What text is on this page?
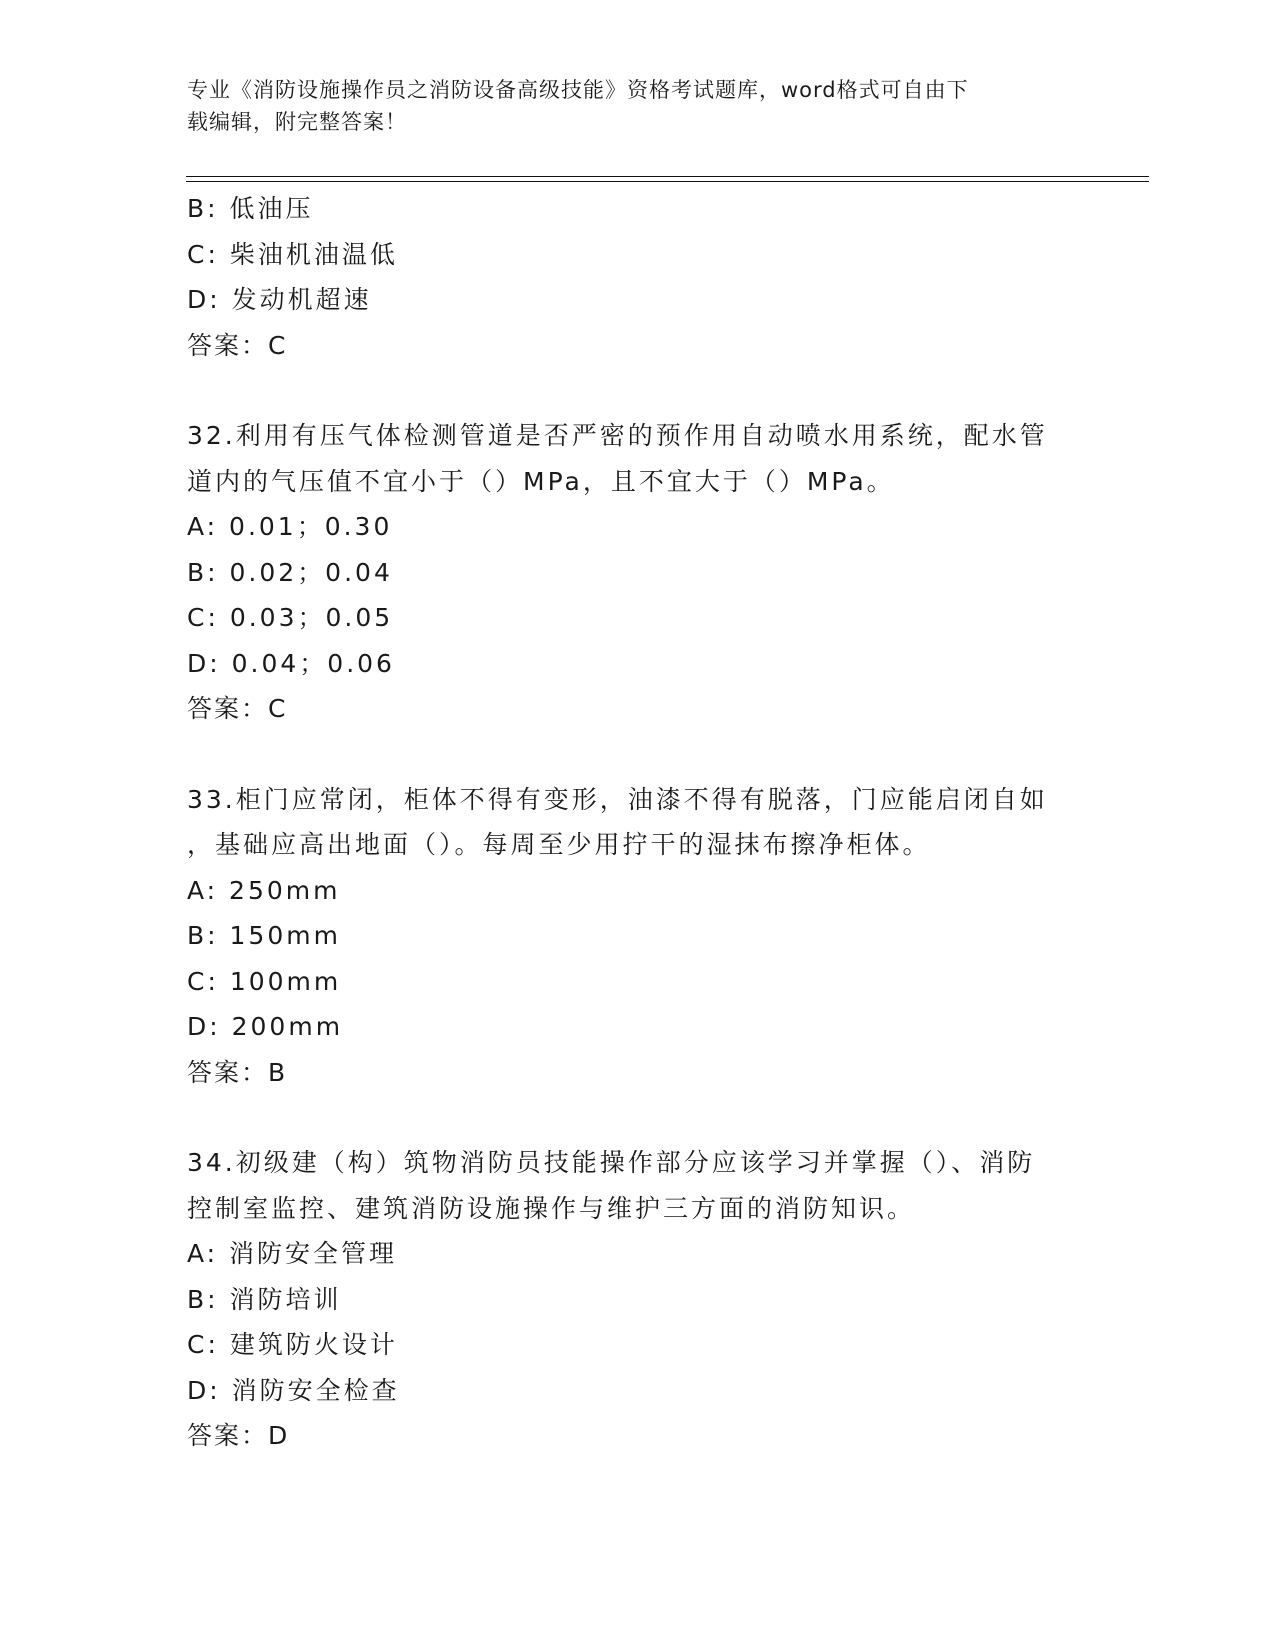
专业《消防设施操作员之消防设备高级技能》资格考试题库，word格式可自由下
载编辑，附完整答案！
B: 低油压
C: 柴油机油温低
D: 发动机超速
答案：C
32.利用有压气体检测管道是否严密的预作用自动喷水用系统，配水管
道内的气压值不宜小于（）MPa，且不宜大于（）MPa。
A: 0.01；0.30
B: 0.02；0.04
C: 0.03；0.05
D: 0.04；0.06
答案：C
33.柜门应常闭，柜体不得有变形，油漆不得有脱落，门应能启闭自如
，基础应高出地面（）。每周至少用拧干的湿抹布擦净柜体。
A: 250mm
B: 150mm
C: 100mm
D: 200mm
答案：B
34.初级建（构）筑物消防员技能操作部分应该学习并掌握（）、消防
控制室监控、建筑消防设施操作与维护三方面的消防知识。
A: 消防安全管理
B: 消防培训
C: 建筑防火设计
D: 消防安全检查
答案：D
